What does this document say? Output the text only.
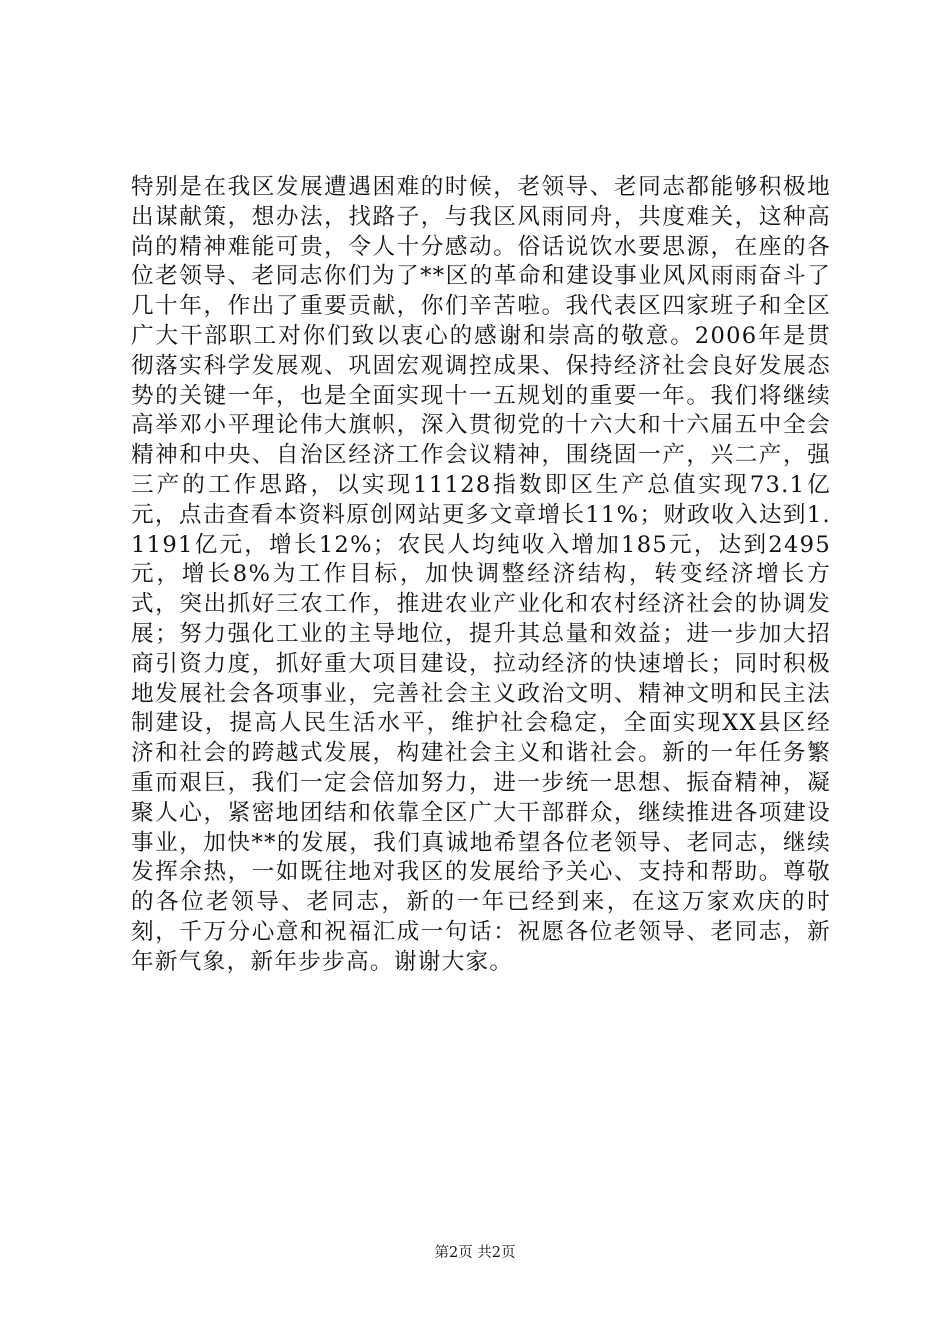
特别是在我区发展遭遇困难的时候，老领导、老同志都能够积极地出谋献策，想办法，找路子，与我区风雨同舟，共度难关，这种高尚的精神难能可贵，令人十分感动。俗话说饮水要思源，在座的各位老领导、老同志你们为了**区的革命和建设事业风风雨雨奋斗了几十年，作出了重要贡献，你们辛苦啦。我代表区四家班子和全区广大干部职工对你们致以衷心的感谢和崇高的敬意。2006年是贯彻落实科学发展观、巩固宏观调控成果、保持经济社会良好发展态势的关键一年，也是全面实现十一五规划的重要一年。我们将继续高举邓小平理论伟大旗帜，深入贯彻党的十六大和十六届五中全会精神和中央、自治区经济工作会议精神，围绕固一产，兴二产，强三产的工作思路，以实现11128指数即区生产总值实现73.1亿元，点击查看本资料原创网站更多文章增长11%；财政收入达到1.1191亿元，增长12%；农民人均纯收入增加185元，达到2495元，增长8%为工作目标，加快调整经济结构，转变经济增长方式，突出抓好三农工作，推进农业产业化和农村经济社会的协调发展；努力强化工业的主导地位，提升其总量和效益；进一步加大招商引资力度，抓好重大项目建设，拉动经济的快速增长；同时积极地发展社会各项事业，完善社会主义政治文明、精神文明和民主法制建设，提高人民生活水平，维护社会稳定，全面实现XX县区经济和社会的跨越式发展，构建社会主义和谐社会。新的一年任务繁重而艰巨，我们一定会倍加努力，进一步统一思想、振奋精神，凝聚人心，紧密地团结和依靠全区广大干部群众，继续推进各项建设事业，加快**的发展，我们真诚地希望各位老领导、老同志，继续发挥余热，一如既往地对我区的发展给予关心、支持和帮助。尊敬的各位老领导、老同志，新的一年已经到来，在这万家欢庆的时刻，千万分心意和祝福汇成一句话：祝愿各位老领导、老同志，新年新气象，新年步步高。谢谢大家。

第2页 共2页
